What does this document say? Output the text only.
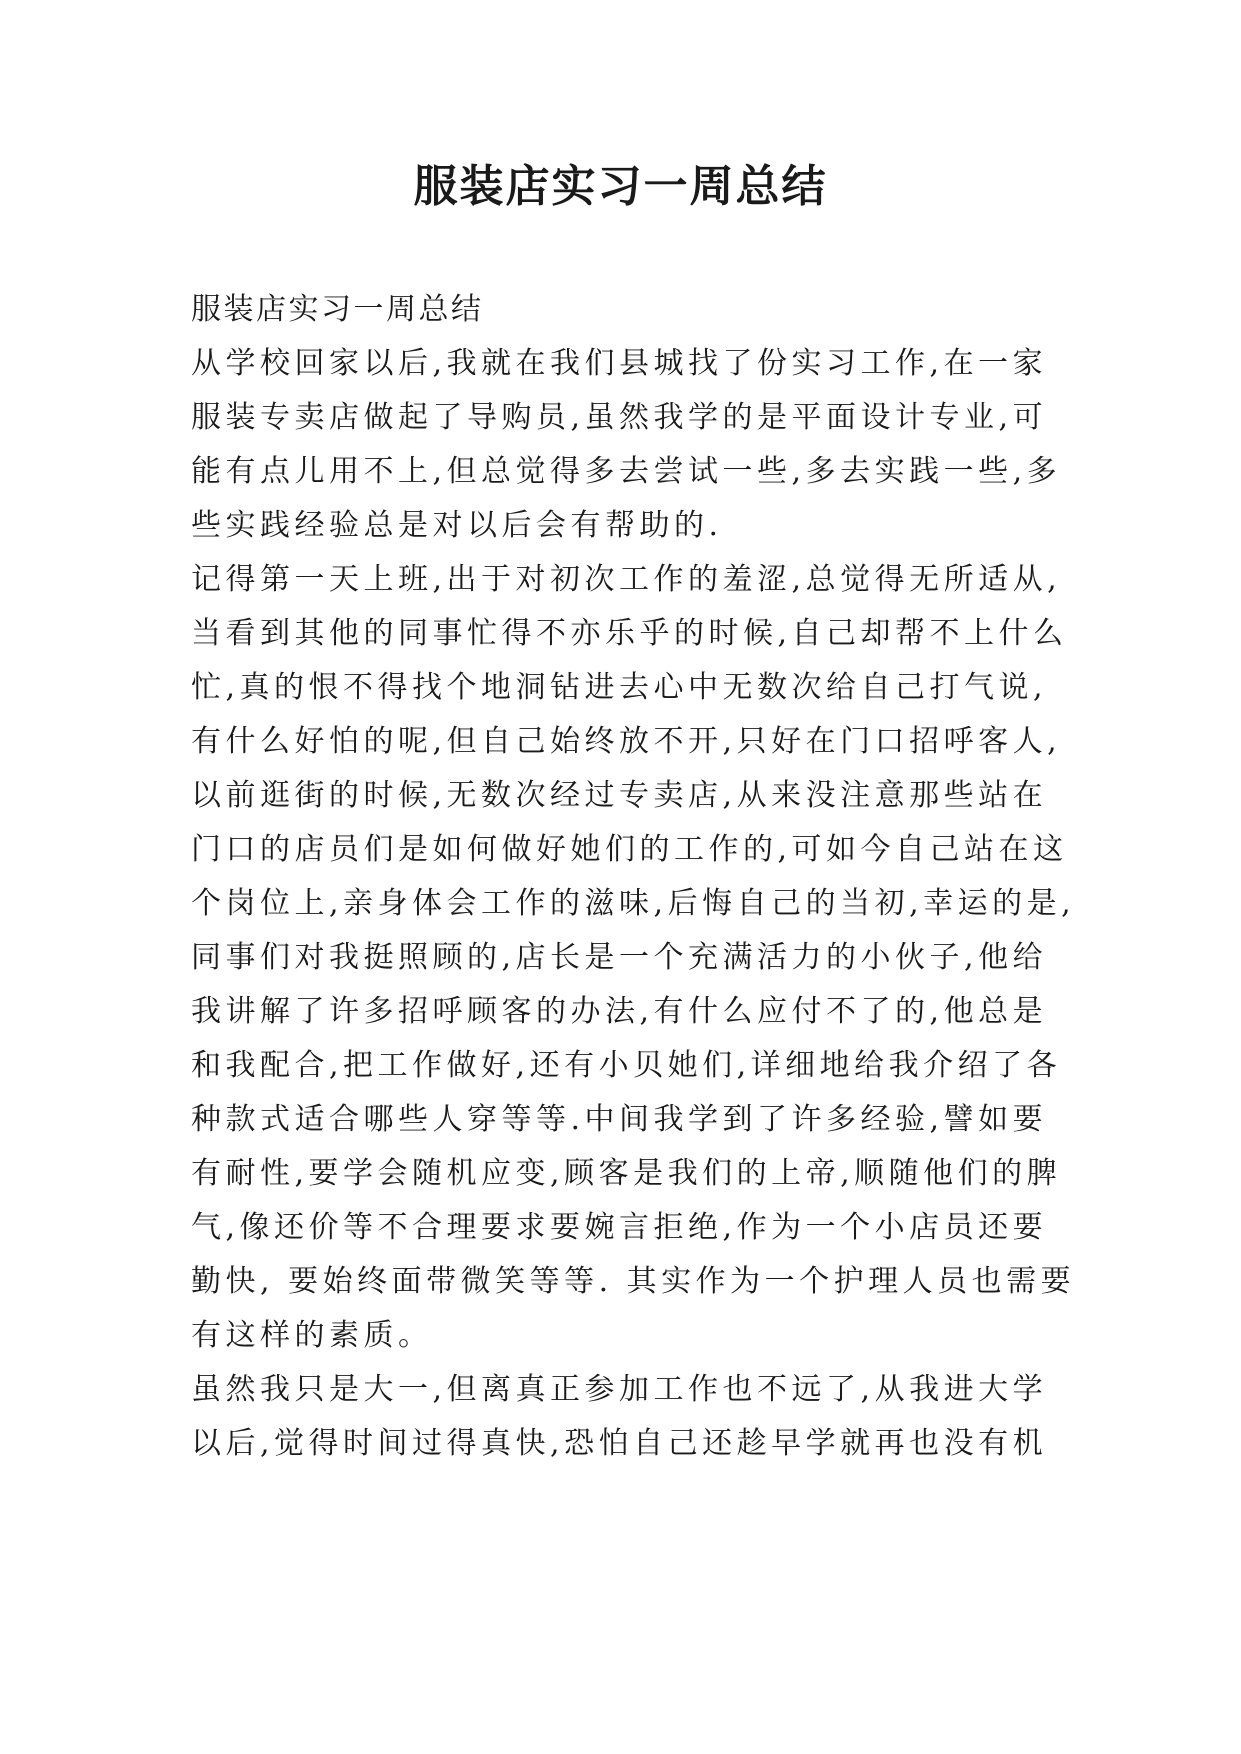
服装店实习一周总结
服装店实习一周总结
从学校回家以后,我就在我们县城找了份实习工作,在一家
服装专卖店做起了导购员,虽然我学的是平面设计专业,可
能有点儿用不上,但总觉得多去尝试一些,多去实践一些,多
些实践经验总是对以后会有帮助的.
记得第一天上班,出于对初次工作的羞涩,总觉得无所适从,
当看到其他的同事忙得不亦乐乎的时候,自己却帮不上什么
忙,真的恨不得找个地洞钻进去心中无数次给自己打气说,
有什么好怕的呢,但自己始终放不开,只好在门口招呼客人,
以前逛街的时候,无数次经过专卖店,从来没注意那些站在
门口的店员们是如何做好她们的工作的,可如今自己站在这
个岗位上,亲身体会工作的滋味,后悔自己的当初,幸运的是,
同事们对我挺照顾的,店长是一个充满活力的小伙子,他给
我讲解了许多招呼顾客的办法,有什么应付不了的,他总是
和我配合,把工作做好,还有小贝她们,详细地给我介绍了各
种款式适合哪些人穿等等.中间我学到了许多经验,譬如要
有耐性,要学会随机应变,顾客是我们的上帝,顺随他们的脾
气,像还价等不合理要求要婉言拒绝,作为一个小店员还要
勤快, 要始终面带微笑等等. 其实作为一个护理人员也需要
有这样的素质。
虽然我只是大一,但离真正参加工作也不远了,从我进大学
以后,觉得时间过得真快,恐怕自己还趁早学就再也没有机
